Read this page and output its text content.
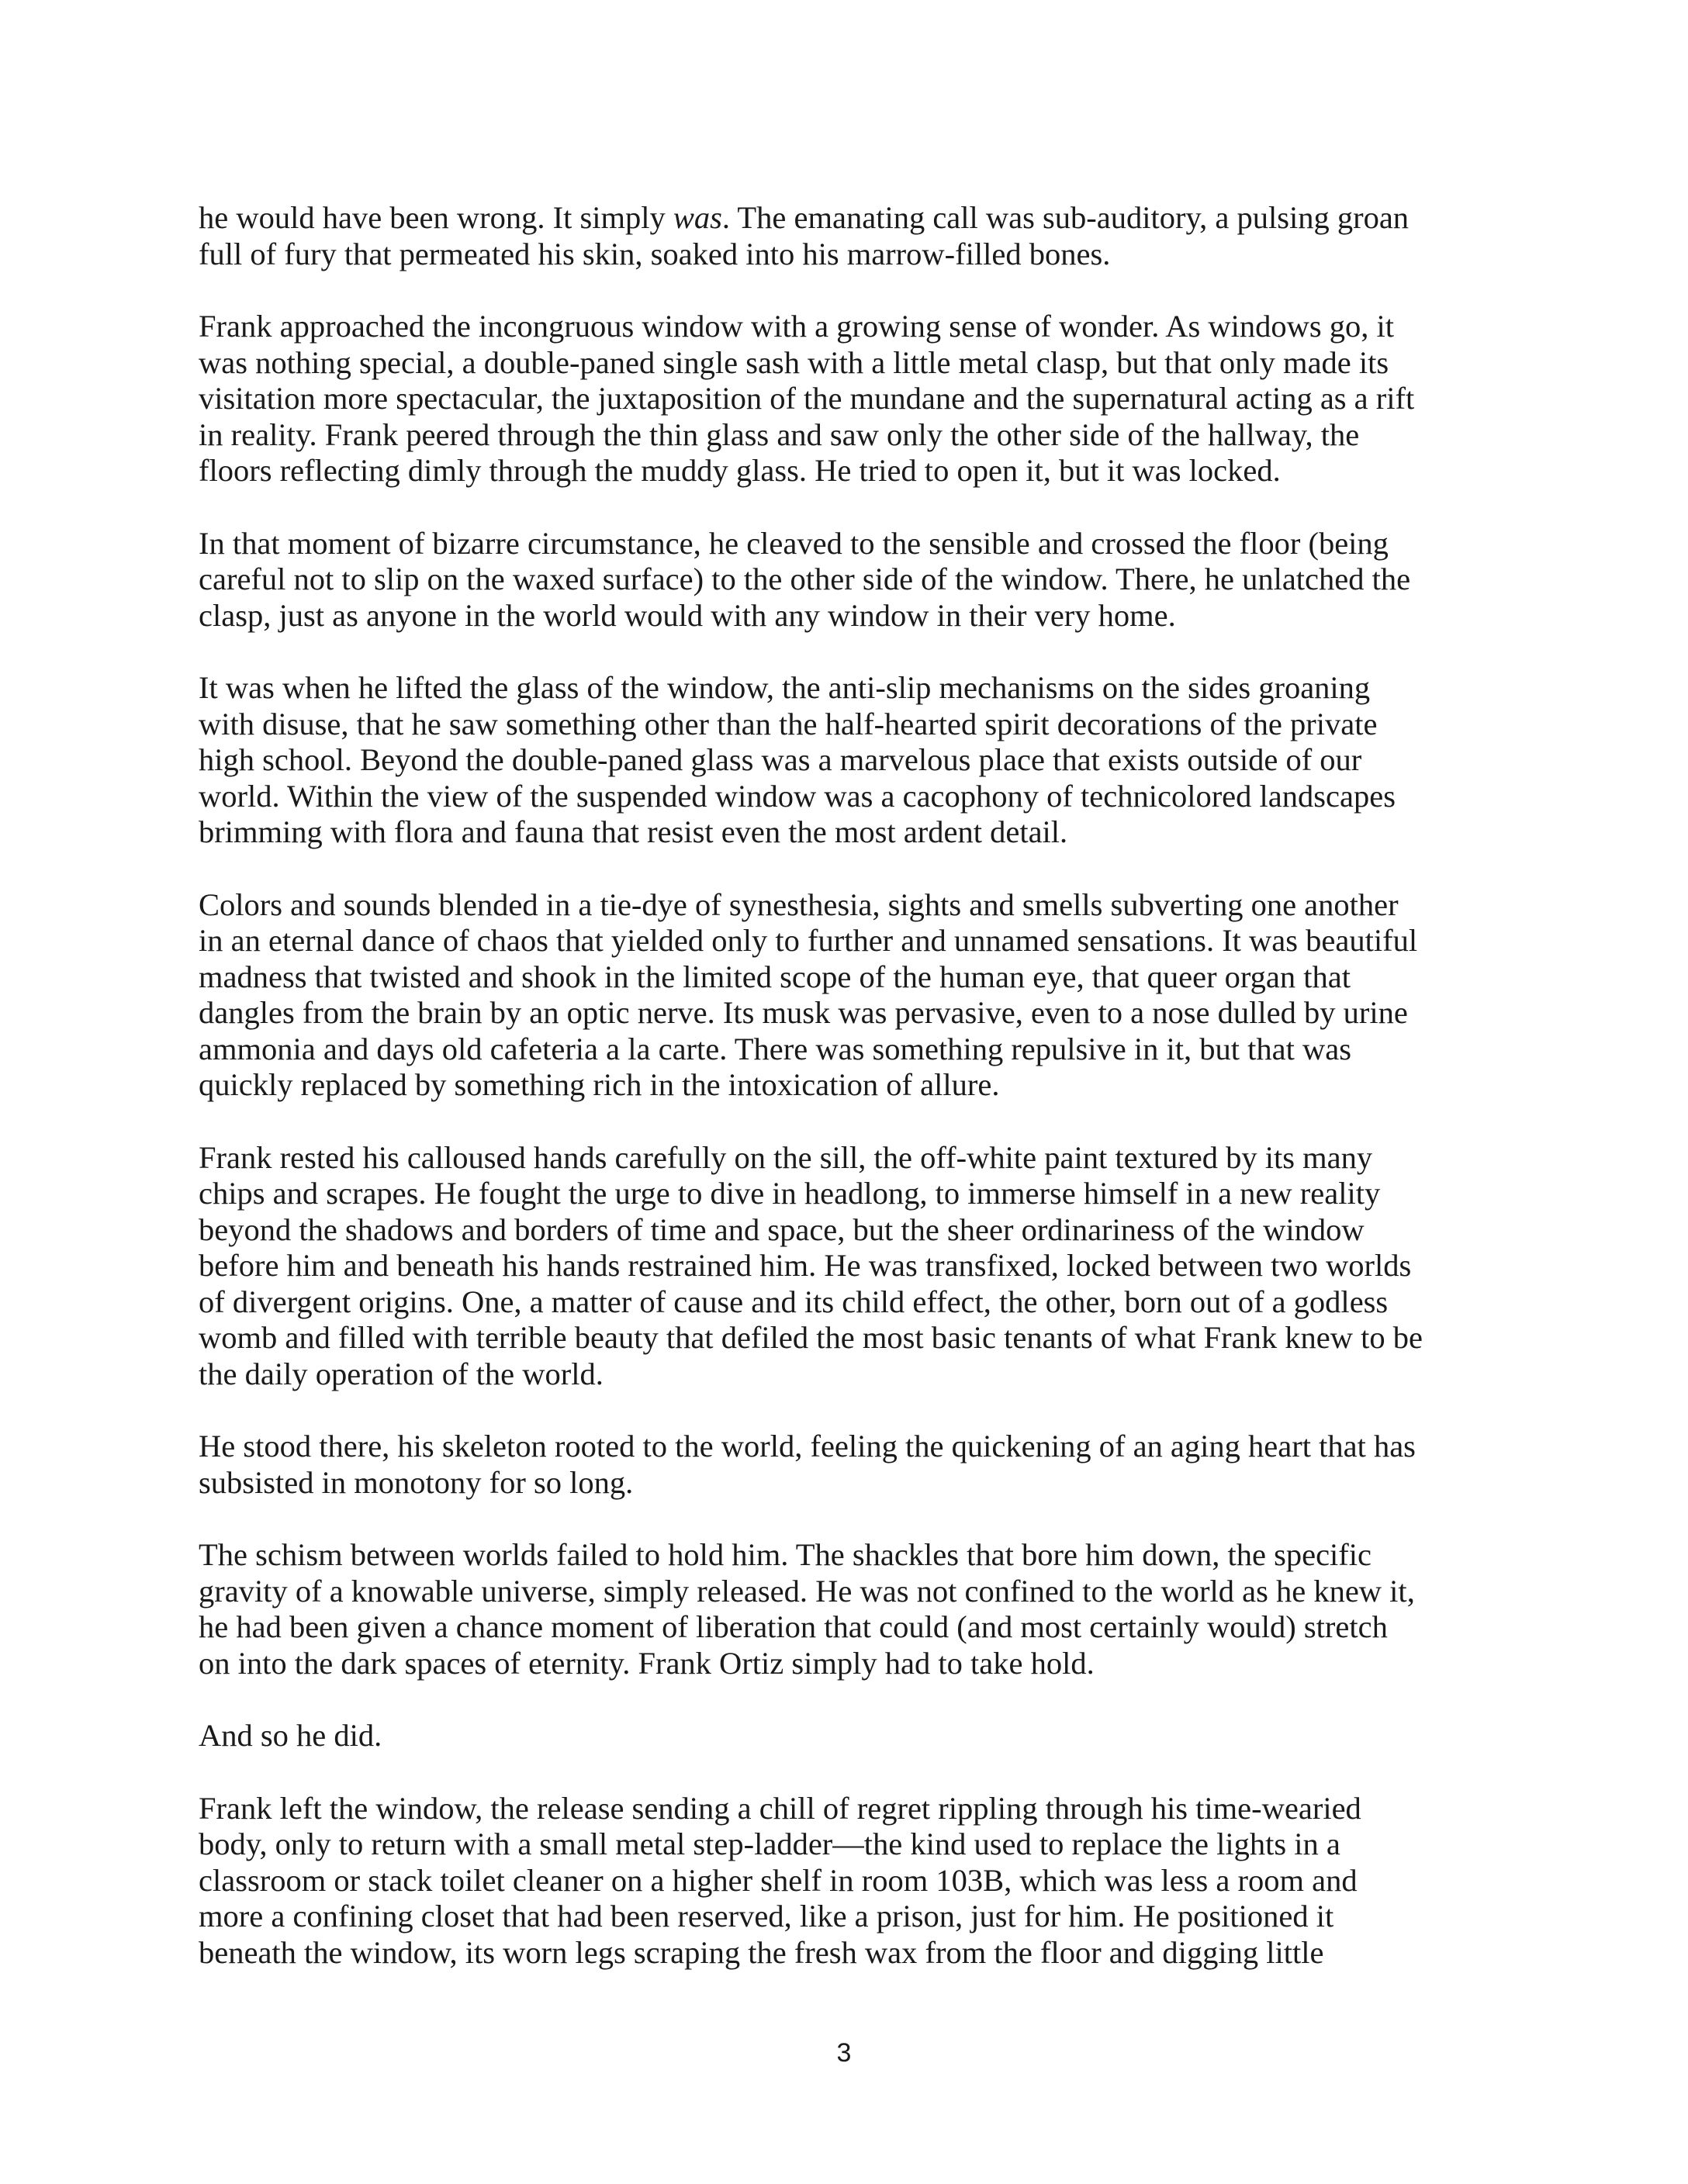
he would have been wrong. It simply was. The emanating call was sub-auditory, a pulsing groan
full of fury that permeated his skin, soaked into his marrow-filled bones.

Frank approached the incongruous window with a growing sense of wonder. As windows go, it
was nothing special, a double-paned single sash with a little metal clasp, but that only made its
visitation more spectacular, the juxtaposition of the mundane and the supernatural acting as a rift
in reality. Frank peered through the thin glass and saw only the other side of the hallway, the
floors reflecting dimly through the muddy glass. He tried to open it, but it was locked.

In that moment of bizarre circumstance, he cleaved to the sensible and crossed the floor (being
careful not to slip on the waxed surface) to the other side of the window. There, he unlatched the
clasp, just as anyone in the world would with any window in their very home.

It was when he lifted the glass of the window, the anti-slip mechanisms on the sides groaning
with disuse, that he saw something other than the half-hearted spirit decorations of the private
high school. Beyond the double-paned glass was a marvelous place that exists outside of our
world. Within the view of the suspended window was a cacophony of technicolored landscapes
brimming with flora and fauna that resist even the most ardent detail.

Colors and sounds blended in a tie-dye of synesthesia, sights and smells subverting one another
in an eternal dance of chaos that yielded only to further and unnamed sensations. It was beautiful
madness that twisted and shook in the limited scope of the human eye, that queer organ that
dangles from the brain by an optic nerve. Its musk was pervasive, even to a nose dulled by urine
ammonia and days old cafeteria a la carte. There was something repulsive in it, but that was
quickly replaced by something rich in the intoxication of allure.

Frank rested his calloused hands carefully on the sill, the off-white paint textured by its many
chips and scrapes. He fought the urge to dive in headlong, to immerse himself in a new reality
beyond the shadows and borders of time and space, but the sheer ordinariness of the window
before him and beneath his hands restrained him. He was transfixed, locked between two worlds
of divergent origins. One, a matter of cause and its child effect, the other, born out of a godless
womb and filled with terrible beauty that defiled the most basic tenants of what Frank knew to be
the daily operation of the world.

He stood there, his skeleton rooted to the world, feeling the quickening of an aging heart that has
subsisted in monotony for so long.

The schism between worlds failed to hold him. The shackles that bore him down, the specific
gravity of a knowable universe, simply released. He was not confined to the world as he knew it,
he had been given a chance moment of liberation that could (and most certainly would) stretch
on into the dark spaces of eternity. Frank Ortiz simply had to take hold.

And so he did.

Frank left the window, the release sending a chill of regret rippling through his time-wearied
body, only to return with a small metal step-ladder—the kind used to replace the lights in a
classroom or stack toilet cleaner on a higher shelf in room 103B, which was less a room and
more a confining closet that had been reserved, like a prison, just for him. He positioned it
beneath the window, its worn legs scraping the fresh wax from the floor and digging little

3
